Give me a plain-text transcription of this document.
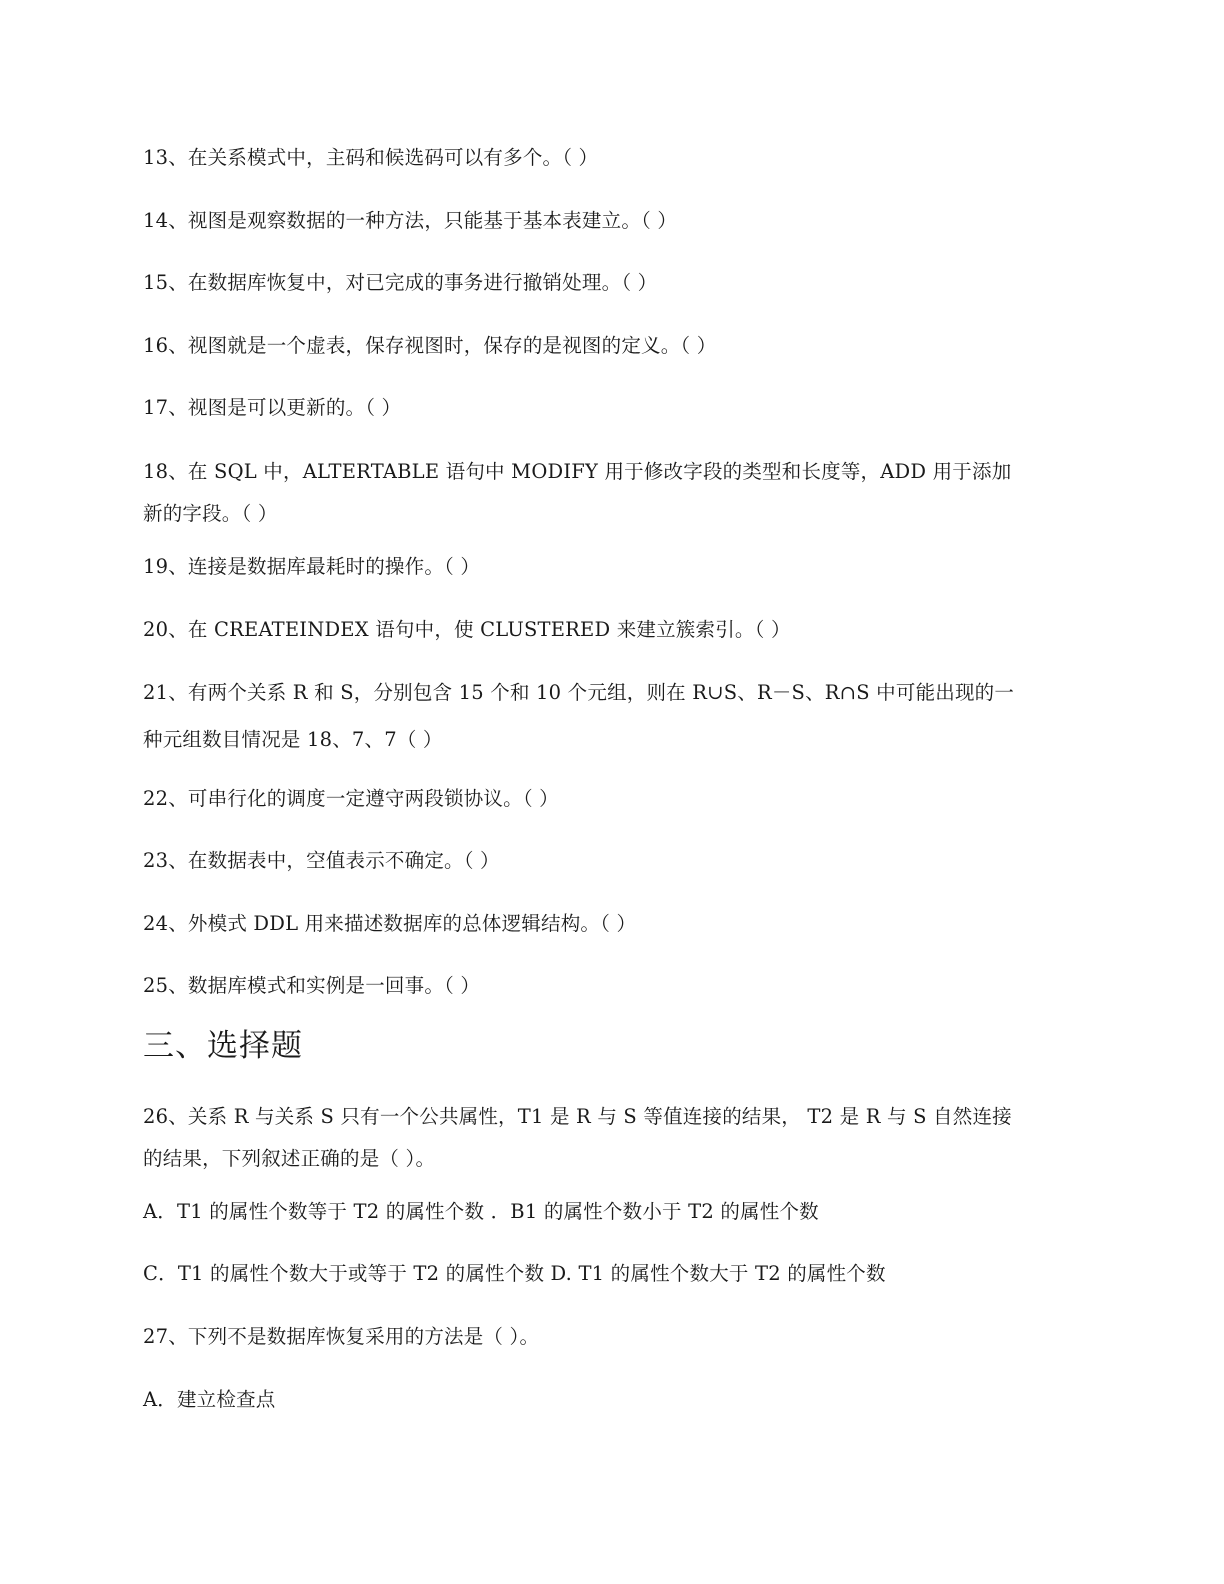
13、在关系模式中，主码和候选码可以有多个。（ ）
14、视图是观察数据的一种方法，只能基于基本表建立。（ ）
15、在数据库恢复中，对已完成的事务进行撤销处理。（ ）
16、视图就是一个虚表，保存视图时，保存的是视图的定义。（ ）
17、视图是可以更新的。（ ）
18、在 SQL 中，ALTERTABLE 语句中 MODIFY 用于修改字段的类型和长度等，ADD 用于添加
新的字段。（ ）
19、连接是数据库最耗时的操作。（ ）
20、在 CREATEINDEX 语句中，使 CLUSTERED 来建立簇索引。（ ）
21、有两个关系 R 和 S，分别包含 15 个和 10 个元组，则在 R∪S、R－S、R∩S 中可能出现的一
种元组数目情况是 18、7、7（ ）
22、可串行化的调度一定遵守两段锁协议。（ ）
23、在数据表中，空值表示不确定。（ ）
24、外模式 DDL 用来描述数据库的总体逻辑结构。（ ）
25、数据库模式和实例是一回事。（ ）
三、选择题
26、关系 R 与关系 S 只有一个公共属性，T1 是 R 与 S 等值连接的结果， T2 是 R 与 S 自然连接
的结果，下列叙述正确的是（ ）。
A．T1 的属性个数等于 T2 的属性个数 ．B1 的属性个数小于 T2 的属性个数
C．T1 的属性个数大于或等于 T2 的属性个数 D. T1 的属性个数大于 T2 的属性个数
27、下列不是数据库恢复采用的方法是（ ）。
A．建立检查点
